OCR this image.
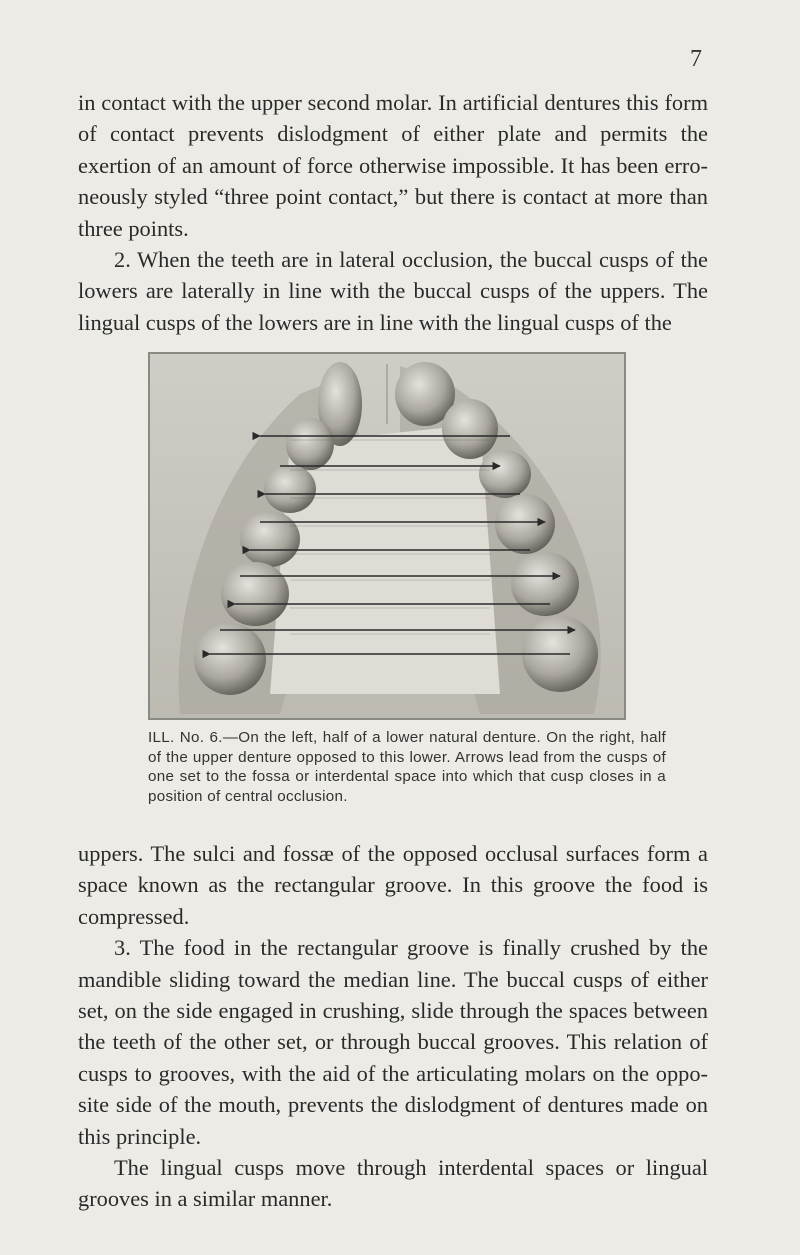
7

in contact with the upper second molar. In artificial dentures this form of contact prevents dislodgment of either plate and permits the exertion of an amount of force otherwise impossible. It has been erroneously styled “three point contact,” but there is contact at more than three points.

2. When the teeth are in lateral occlusion, the buccal cusps of the lowers are laterally in line with the buccal cusps of the uppers. The lingual cusps of the lowers are in line with the lingual cusps of the

ILL. No. 6.—On the left, half of a lower natural denture. On the right, half of the upper denture opposed to this lower. Arrows lead from the cusps of one set to the fossa or interdental space into which that cusp closes in a position of central occlusion.

uppers. The sulci and fossæ of the opposed occlusal surfaces form a space known as the rectangular groove. In this groove the food is compressed.

3. The food in the rectangular groove is finally crushed by the mandible sliding toward the median line. The buccal cusps of either set, on the side engaged in crushing, slide through the spaces between the teeth of the other set, or through buccal grooves. This relation of cusps to grooves, with the aid of the articulating molars on the opposite side of the mouth, prevents the dislodgment of dentures made on this principle.

The lingual cusps move through interdental spaces or lingual grooves in a similar manner.
